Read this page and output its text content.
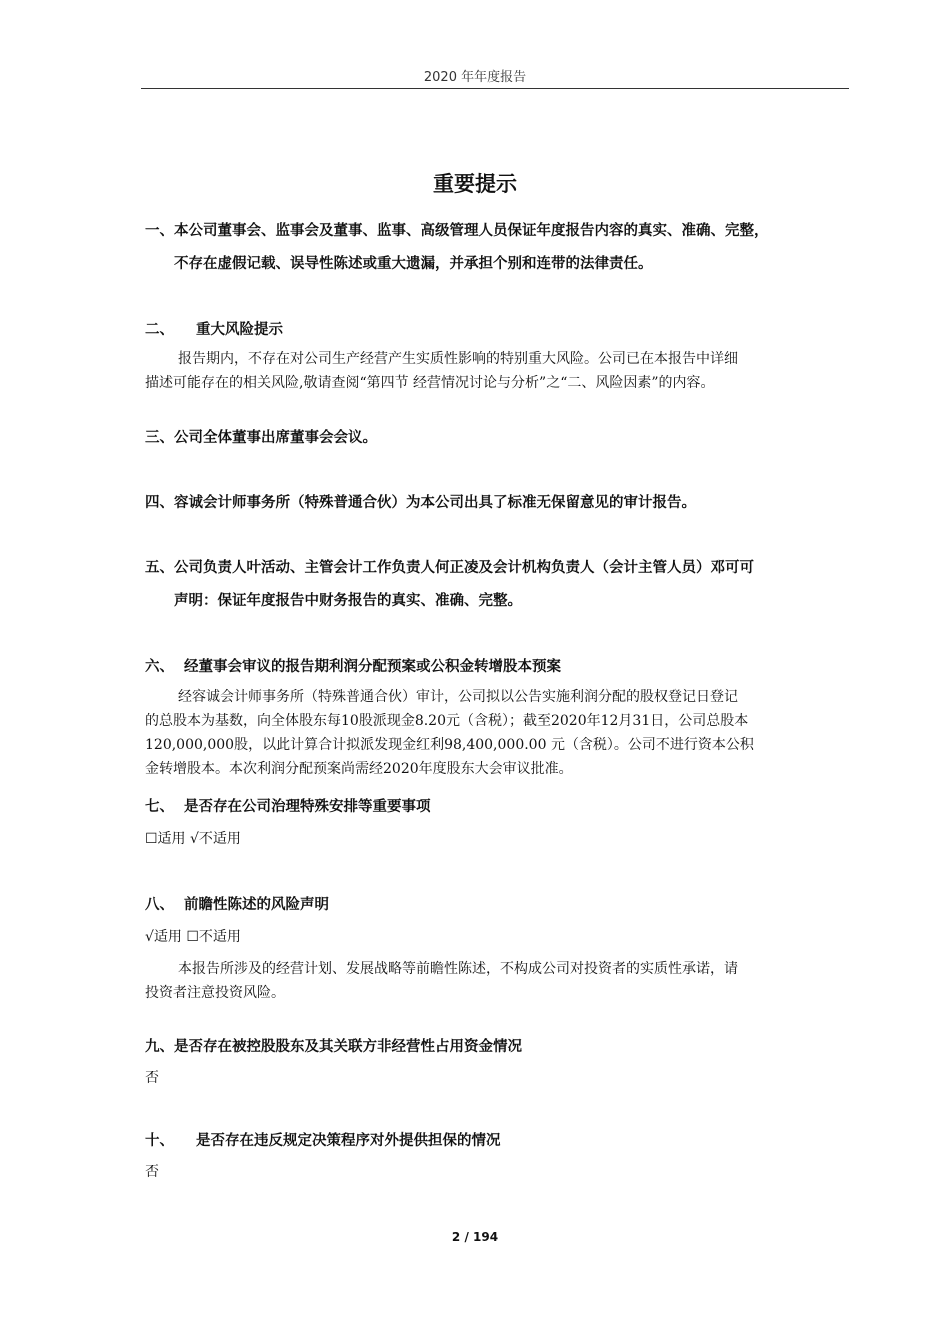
2020 年年度报告
重要提示
一、本公司董事会、监事会及董事、监事、高级管理人员保证年度报告内容的真实、准确、完整，
不存在虚假记载、误导性陈述或重大遗漏，并承担个别和连带的法律责任。
二、 重大风险提示
报告期内，不存在对公司生产经营产生实质性影响的特别重大风险。公司已在本报告中详细
描述可能存在的相关风险,敬请查阅“第四节 经营情况讨论与分析”之“二、风险因素”的内容。
三、公司全体董事出席董事会会议。
四、容诚会计师事务所（特殊普通合伙）为本公司出具了标准无保留意见的审计报告。
五、公司负责人叶活动、主管会计工作负责人何正凌及会计机构负责人（会计主管人员）邓可可
声明：保证年度报告中财务报告的真实、准确、完整。
六、 经董事会审议的报告期利润分配预案或公积金转增股本预案
经容诚会计师事务所（特殊普通合伙）审计，公司拟以公告实施利润分配的股权登记日登记
的总股本为基数，向全体股东每10股派现金8.20元（含税）；截至2020年12月31日，公司总股本
120,000,000股，以此计算合计拟派发现金红利98,400,000.00 元（含税）。公司不进行资本公积
金转增股本。本次利润分配预案尚需经2020年度股东大会审议批准。
七、 是否存在公司治理特殊安排等重要事项
☐适用 √不适用
八、 前瞻性陈述的风险声明
√适用 ☐不适用
本报告所涉及的经营计划、发展战略等前瞻性陈述，不构成公司对投资者的实质性承诺，请
投资者注意投资风险。
九、是否存在被控股股东及其关联方非经营性占用资金情况
否
十、 是否存在违反规定决策程序对外提供担保的情况
否
2 / 194
